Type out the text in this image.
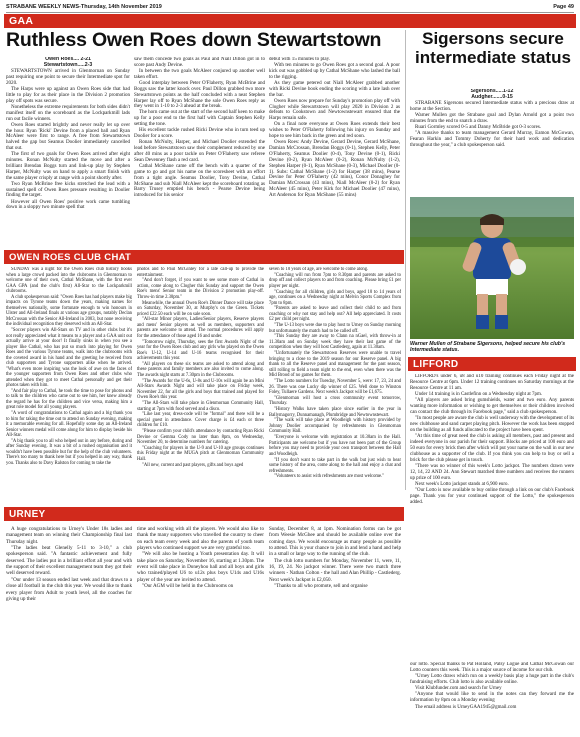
STRABANE WEEKLY NEWS-Thursday, 14th November 2019	Page 49
GAA
Ruthless Owen Roes down Stewartstown

Owen Roes.... 2-21

Stewartstown.....2-3

STEWARTSTOWN arrived in Glenmornan on Sunday past requiring one point to secure their Intermediate spot for 2020.

The Harps were up against an Owen Roes side that had little to play for as their place in the Division 2 promotion play off spots was secure.

Nonetheless the extreme requirements for both sides didn't manifest itself on the scoreboard as the Lockparkmill lads run out facile winners.

Owen Roes started brightly and never really let up over the hour. Ryan 'Ricki' Devine from a placed ball and Ryan McAleer were first to range. A free from Stewartstown halved the gap but Seamus Doolier immediately cancelled that out.

The first of two goals for Owen Roes arrived after eight minutes. Ronan McNulty started the move and after a brilliant Brendan Boggs turn and link-up play by Stephen Harper, McNulty was on hand to apply a smart finish with the same player crisply at range with a point shortly after.

Two Ryan McBrine free kicks stretched the lead with a sustained spell of Owen Roes pressure resulting in Doolier finding the target.

However all Owen Roes' positive work came tumbling down in a sloppy two minute spell that

saw them concede two goals as Paul and Niall Dillon got in to score past Andy Devine.

In between the two goals McAleer conjured up another well taken effort.

Good interplay between Peter O'Flaherty, Ryan McBrine and Boggs saw the latter knock over. Paul Dillon grabbed two more Stewartstown points as the half concluded with a neat Stephen Harper lay off to Ryan McShane the sole Owen Roes reply as they went in 1-10 to 2-3 ahead at the break.

The horn came out at the start of the second half keen to make up for a poor end to the first half with Captain Stephen Kelly setting the tone.

His excellent tackle rushed Ricki Devine who in turn teed up Doolier for a score.

Ronan McNulty, Harper, and Michael Doolier extended the lead before Stewartstown saw their complement reduced by one after 40 mins as a poor tackle on Peter O'Flaherty saw referee Sean Devenney flash a red card.

Cathal McShane came off the bench with a quarter of the game to go and got his name on the scoresheet with an effort from a tight angle. Seamus Doolier, Tony Devine, Cathal McShane and sub Niall McAleer kept the scoreboard rotating as Barry Trusey emptied his bench - Pearse Devine being introduced for his senior

debut with 15 minutes to play.

With ten minutes to go Owen Roes got a second goal. A poor kick out was gobbled up by Cathal McShane who lashed the ball to the rigging.

As they game petered out Niall McAleer grabbed another with Ricki Devine book ending the scoring with a late lash over the bar.

Owen Roes now prepare for Sunday's promotion play off with Clogher while Stewartstown will play 2020 in Division 2 as defeats to Cookstown and Newtownstewart ensured that the Harps remain safe.

On a final note everyone at Owen Roes extends their best wishes to Peter O'Flaherty following his injury on Sunday and hope to see him back in the green and red soon.

Owen Roes: Andy Devine, Gerard Devine, Gerard McShane, Damian McCrossan, Brendan Boggs (0-1), Stephen Kelly, Peter O'Flaherty, Seamus Doolier (0-4), Tony Devine (0-1), Ricki Devine (0-2), Ryan McAleer (0-2), Ronan McNulty (1-2), Stephen Harper (0-1), Ryan McShane (0-3), Michael Doolier (0-1). Subs: Cathal McShane (1-2) for Harper (38 mins), Pearse Devine for Peter O'Flaherty (42 mins), Conor Donaghey for Damian McCrossan (43 mins), Niall McAleer (0-2) for Ryan McAleer (45 mins), Peter Kirk for Michael Doolier (47 mins), Art Anderson for Ryan McShane (55 mins)

Sigersons secure intermediate status

Sigersons.....1-12

Audgher.......0-15

STRABANE Sigersons secured Intermediate status with a precious draw at home at the Section.

Warner Mullen got the Strabane goal and Dylan Arnold got a point two minutes from the end to snatch a draw.

Ruari Gormley scored 0-5 and Danny McBride got 0-3 scores.

"A massive thanks to team management Gerard Murray, Eamon McGowan, Fearan Harkin and Tommy Doherty for their hard work and dedication throughout the year," a club spokesperson said.

Warner Mullen of Strabane Sigersons, helped secure his club's Intermediate status.
OWEN ROES CLUB CHAT

SUNDAY was a night for the Owen Roes club history books when a large crowd packed into the clubrooms in Glenmornan to welcome one of their own, Cathal McShane, with the first ever GAA GPA (and the club's first) All-Star to the Lockparkmill clubrooms.

A club spokesperson said: "Owen Roes has had players make big impacts on Tyrone teams down the years, making names for themselves nationally, some fortunate enough to win honours in Ulster and All-Ireland finals at various age groups, notably Declan McCrossan with the Senior All-Ireland in 2003, but none receiving the individual recognition they deserved with an All-Star.

"Soccer players win All-Stars on TV and in other clubs but it's not really appreciated what it means to a player and a GAA unit out actually arrive at your door! It finally sinks in when you see a player like Cathal, who has put so much into playing for Owen Roes and the various Tyrone teams, walk into the clubrooms with the coveted award in his hand and the greeting he received from club supporters and Tyrone supporters alike when he arrived. "What's even more inspiring was the look of awe on the faces of the younger supporters from Owen Roes and other clubs who attended when they got to meet Cathal personally and get their photos taken with him.

"And fair play to Cathal, he took the time to pose for photos and to talk to the children who came out to see him, her knew already the regard he has for the children and vice versa, making him a great role model for all young players.

"A word of congratulations to Cathal again and a big thank you to him for taking the time out to attend on Sunday evening, making it a memorable evening for all. Hopefully some day an All-Ireland Senior winners medal will come along for him to display beside his All-Star.

"A big thank you to all who helped out in any before, during and after Sunday evening. It was a bit of a rushed organisation and it wouldn't have been possible but for the help of the club volunteers. There's too many to thank here but if you helped in any way, thank you. Thanks also to Davy Ralston for coming to take the

photos and to Paul McGinley for a late call-up to provide the entertainment.

"And don't forget, if you want to see some more of Cathal in action, come along to Clogher this Sunday and support the Owen Roe's mens' Senior team in the Division 2 promotion play-off. Throw-in time 2.30pm."

Meanwhile, the annual Owen Roe's Dinner Dance will take place on Saturday, November 30, at Murphy's on the Green. Tickets priced £22.50 each will be on sale soon.

"All-star Minor players, Ladies/Senior players, Reserve players and mens' Senior players as well as members, supporters and parents are welcome to attend. The normal procedures will apply for the attendance of those aged 16 and under.

"Tomorrow night, Thursday, sees the first Awards Night of the year for the Owen Roes club and any girls who played on the Owen Roe's U-12, U-14 and U-16 teams recognised for their achievements this year.

"All players on these six teams are asked to attend along and these parents and family members are also invited to come along. The awards night starts at 7.30pm in the Clubrooms.

"The Awards for the U-6s, U-8s and U-10s will again be an Mini All-Stars Awards Night and will take place on Friday week, November 22, for all the girls and boys that trained and played for Owen Roe's this year.

"The All-Stars will take place in Glenmornan Community Hall, starting at 7pm with food served and a disco.

"Like last year, dress-code will be "formal" and there will be a special guest in attendance. Cover charge is £4 each or three children for £10.

"Please confirm your child's attendance by contacting Ryan Ricki Devine or Gemma Cody no later than 8pm, on Wednesday, November 20, to determine numbers for catering.

"Coaching for players in the U-9 and U-10 age groups continues this Friday night at the MUGA pitch at Glenmornan Community Hall.

"All new, current and past players, gifts and boys aged

seven to 10 years of age, are welcome to come along.

"Coaching will run from 7pm to 8.30pm and parents are asked to drop off and collect players to and from coaching. Please bring £1 per player per night.

"Coaching for all children, girls and boys, aged 10 to 14 years of age, continues on a Wednesday night at Melvin Sports Complex from 7pm to 8pm.

"Parents are asked to leave and collect their child to and from coaching or why not stay and help out? All help appreciated. It costs £2 per child per night.

"The U-13 boys were due to play host to Urney on Sunday morning but unfortunately the match had to be called off.

"This Sunday they are away to Clann na nGael, with throw-in at 11.30am and on Sunday week they have their last game of the competition when they will host Castlederg, again at 11.30am.

"Unfortunately the Stewartstown Reserves were unable to travel bringing to a close to the 2019 season for our Reserve panel. A big thank to all the Reserve panel and management for the past season, still rolling to field a team night to the end, even when there was the Mid Brood of no games for them.

"The Lotto numbers for Tuesday, November 5, were: 17, 23, 24 and 26. There was one Lucky dip winner of £25. Well done to Winston Foley, Tullaere Gardens. Next week's Jackpot will be £1,675.

"Glenmornan will host a cross community event tomorrow, Thursday.

"History Walks have taken place since earlier in the year in Ballymagorry, Dunnamanagh, Plumbridge and Newtownstewart.

"The walk will take place at Woodleigh with history provided by Johnny Doolier accompanied by refreshments in Glenmornan Community Hall.

"Everyone is welcome with registration at 10.30am in the Hall. Participants are welcome but if you have not been part of the Group before you may need to provide your own transport between the Hall and Woodleigh.

"If you don't want to take part in the walk but just wish to hear some history of the area, come along to the hall and enjoy a chat and refreshments.

"Volunteers to assist with refreshments are most welcome."

LIFFORD

LIFFORD's under 6, u8 and u10 training continues each Friday night at the Resource Centre at 6pm. Under 12 training continues on Saturday mornings at the Resource Centre at 11 am.

Under 14 training is in Castlefinn on a Wednesday night at 7pm.

"All players are asked bring gumshields, water and two euro. Any parents wanting more information or wishing to get themselves or their children involved can contact the club through its Facebook page," said a club spokesperson.

"In most people are aware the club is well underway with the development of its new clubhouse and sand carpet playing pitch. However the work has been stopped on the building as all funds allocated to the project have been spent.

"At this time of great need the club is asking all members, past and present and indeed everyone in our parish for their support. Blocks are priced at 100 euro and 50 euro for every brick then after which will put your name on the wall in our new clubhouse as a supporter of the club. If you think you can help to buy or sell a brick for the club please get in touch.

"There was no winner of this week's Lotto jackpot. The numbers drawn were 12, 14, 22 AND 24. Ann Stewart matched three numbers and receives the runners up prize of 100 euro.

Next week's Lotto jackpot stands at 6,900 euro.

"Our Lotto is now available to buy online through a link on our club's Facebook page. Thank you for your continued support of the Lotto," the spokesperson added.

URNEY

A huge congratulations to Urney's Under 18s ladies and management team on winning their Championship final last Thursday night.

"The ladies beat Glenelly 5-11 to 3-10," a club spokesperson said. "A fantastic achievement and fully deserved. The ladies put in a brilliant effort all year and with the support of their excellent management team they got their well deserved reward.

"Our under 13 season ended last week and that draws to a close all football in the club this year. We would like to thank every player from Adult to youth level, all the coaches for giving up their

time and working with all the players. We would also like to thank the many supporters who travelled the country to cheer on each team every week and also the parents of youth team players who continued support we are very grateful too.

"We will also be hosting a Youth presentation day. It will take place on Saturday, November 16, starting at 1.30pm. The event will take place in Doneyhoo hall and all boys and girls who trained/played U6 to u12s plus boys U14s and U16s player of the year are invited to attend.

"Our AGM will be held in the Clubrooms on

Sunday, December 8, at 1pm. Nomination forms can be got from Weesie McGhee and should be available online over the coming days. We would encourage as many people as possible to attend. This is your chance to join in and lend a hand and help in a small or large way to the running of the club.

The club lotto numbers for Monday, November 11, were, 11, 16, 19, 24. No jackpot winner. There were two match three winners - Nathan Colton - the hall and Alan Phillip - Castlederg. Next week's Jackpot is £2,050.

"Thanks to all who promote, sell and organise

our lotto. Special thanks to Pat Holland, Patsy Logue and Cathal McGowan our Lotto counters this week. This is a major source of income for our club.

"Urney Lotto draws which run on a weekly basis play a huge part in the club's fundraising efforts. Club lotto is also available online.

Visit Klubfunder.com and search for Urney

"Anyone that would like to send in the notes can they forward me the information by 8pm on a Monday evening

The email address is UrneyGAA1945@gmail.com
